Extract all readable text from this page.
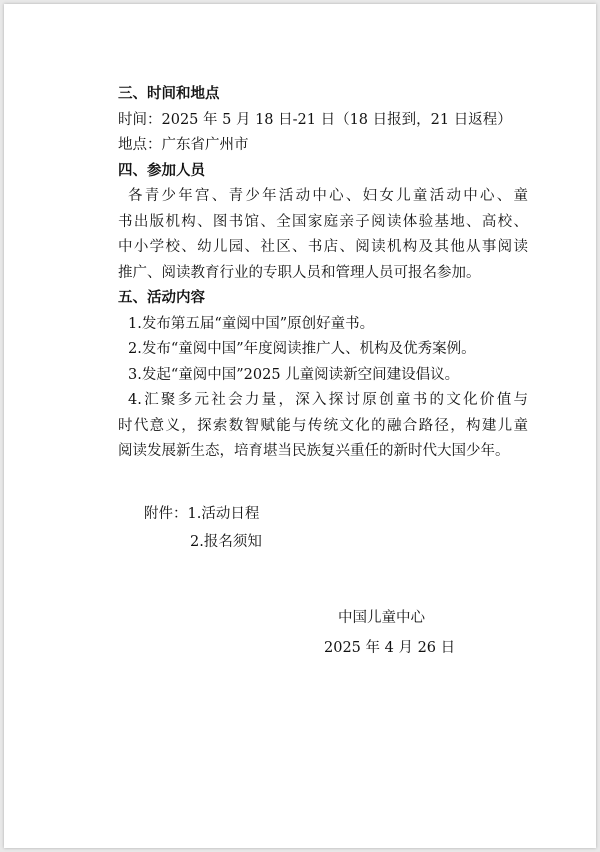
三、时间和地点
时间：2025 年 5 月 18 日-21 日（18 日报到，21 日返程）
地点：广东省广州市
四、参加人员
各青少年宫、青少年活动中心、妇女儿童活动中心、童
书出版机构、图书馆、全国家庭亲子阅读体验基地、高校、
中小学校、幼儿园、社区、书店、阅读机构及其他从事阅读
推广、阅读教育行业的专职人员和管理人员可报名参加。
五、活动内容
1.发布第五届“童阅中国”原创好童书。
2.发布“童阅中国”年度阅读推广人、机构及优秀案例。
3.发起“童阅中国”2025 儿童阅读新空间建设倡议。
4.汇聚多元社会力量，深入探讨原创童书的文化价值与
时代意义，探索数智赋能与传统文化的融合路径，构建儿童
阅读发展新生态，培育堪当民族复兴重任的新时代大国少年。
附件：1.活动日程
2.报名须知
中国儿童中心
2025 年 4 月 26 日
